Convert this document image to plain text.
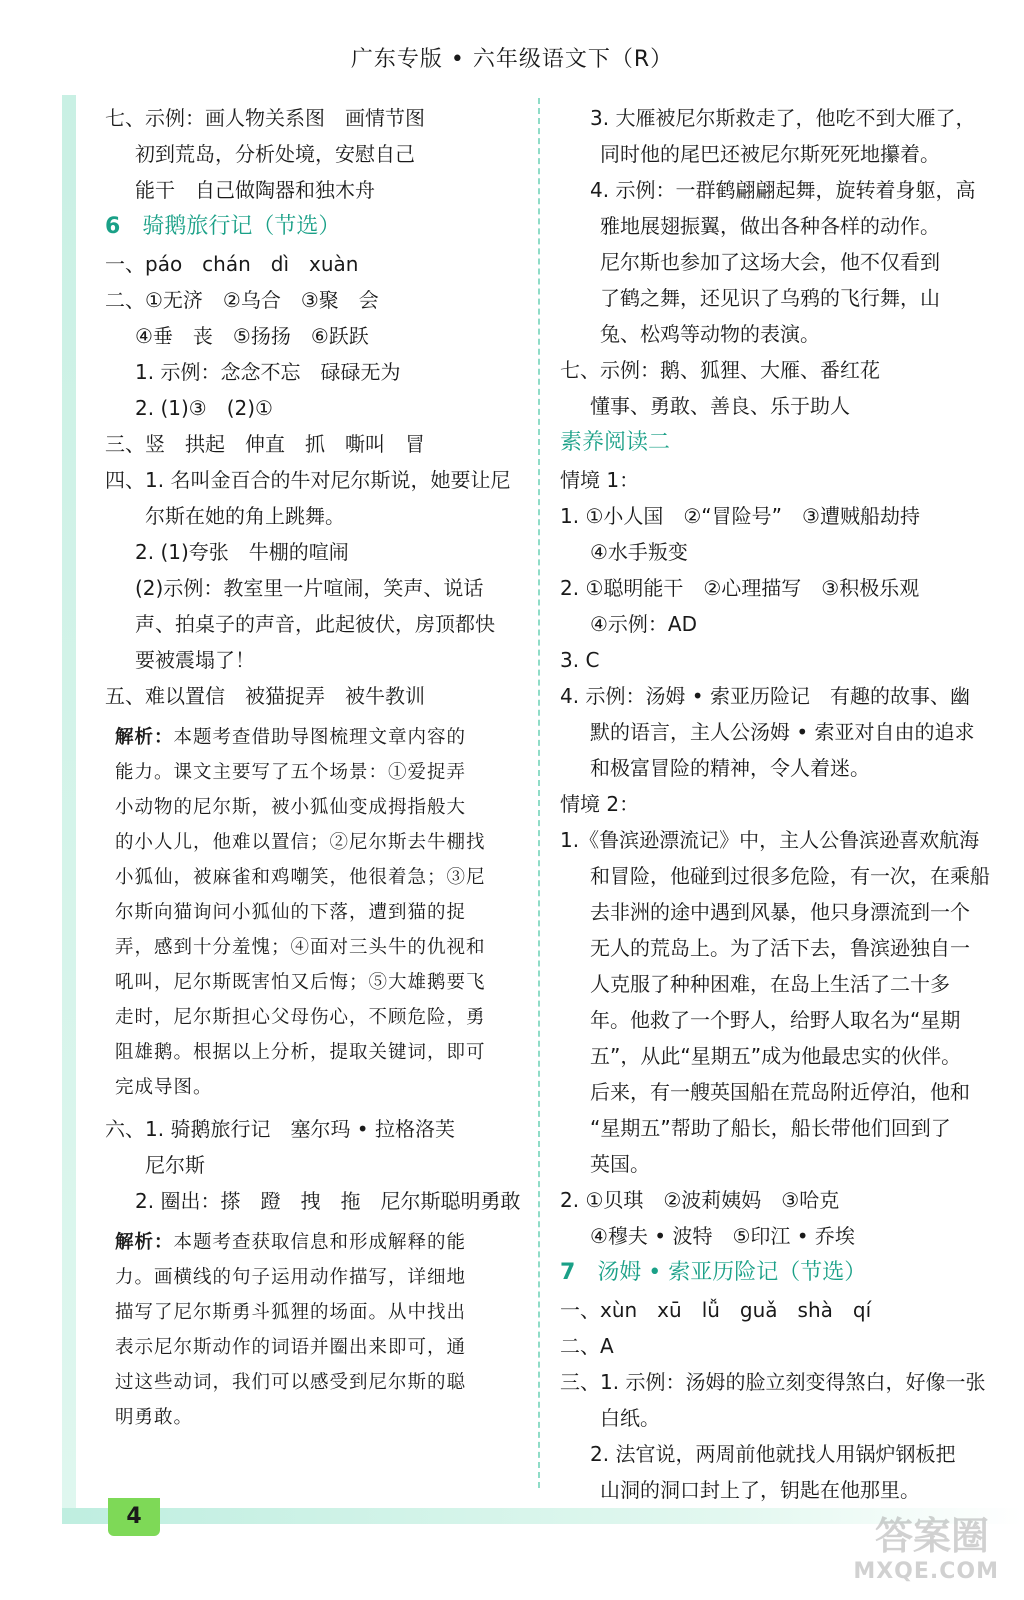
广东专版 • 六年级语文下（R）
4
七、示例：画人物关系图　画情节图
初到荒岛，分析处境，安慰自己
能干　自己做陶器和独木舟
6 骑鹅旅行记（节选）
一、páo　chán　dì　xuàn
二、①无济　②乌合　③聚　会
④垂　丧　⑤扬扬　⑥跃跃
1. 示例：念念不忘　碌碌无为
2. (1)③　(2)①
三、竖　拱起　伸直　抓　嘶叫　冒
四、1. 名叫金百合的牛对尼尔斯说，她要让尼
尔斯在她的角上跳舞。
2. (1)夸张　牛棚的喧闹
(2)示例：教室里一片喧闹，笑声、说话
声、拍桌子的声音，此起彼伏，房顶都快
要被震塌了！
五、难以置信　被猫捉弄　被牛教训
解析：本题考查借助导图梳理文章内容的
能力。课文主要写了五个场景：①爱捉弄
小动物的尼尔斯，被小狐仙变成拇指般大
的小人儿，他难以置信；②尼尔斯去牛棚找
小狐仙，被麻雀和鸡嘲笑，他很着急；③尼
尔斯向猫询问小狐仙的下落，遭到猫的捉
弄，感到十分羞愧；④面对三头牛的仇视和
吼叫，尼尔斯既害怕又后悔；⑤大雄鹅要飞
走时，尼尔斯担心父母伤心，不顾危险，勇
阻雄鹅。根据以上分析，提取关键词，即可
完成导图。
六、1. 骑鹅旅行记　塞尔玛 • 拉格洛芙
尼尔斯
2. 圈出：搽　蹬　拽　拖　尼尔斯聪明勇敢
解析：本题考查获取信息和形成解释的能
力。画横线的句子运用动作描写，详细地
描写了尼尔斯勇斗狐狸的场面。从中找出
表示尼尔斯动作的词语并圈出来即可，通
过这些动词，我们可以感受到尼尔斯的聪
明勇敢。
3. 大雁被尼尔斯救走了，他吃不到大雁了，
同时他的尾巴还被尼尔斯死死地攥着。
4. 示例：一群鹤翩翩起舞，旋转着身躯，高
雅地展翅振翼，做出各种各样的动作。
尼尔斯也参加了这场大会，他不仅看到
了鹤之舞，还见识了乌鸦的飞行舞，山
兔、松鸡等动物的表演。
七、示例：鹅、狐狸、大雁、番红花
懂事、勇敢、善良、乐于助人
素养阅读二
情境 1：
1. ①小人国　②“冒险号”　③遭贼船劫持
④水手叛变
2. ①聪明能干　②心理描写　③积极乐观
④示例：AD
3. C
4. 示例：汤姆 • 索亚历险记　有趣的故事、幽
默的语言，主人公汤姆 • 索亚对自由的追求
和极富冒险的精神，令人着迷。
情境 2：
1.《鲁滨逊漂流记》中，主人公鲁滨逊喜欢航海
和冒险，他碰到过很多危险，有一次，在乘船
去非洲的途中遇到风暴，他只身漂流到一个
无人的荒岛上。为了活下去，鲁滨逊独自一
人克服了种种困难，在岛上生活了二十多
年。他救了一个野人，给野人取名为“星期
五”，从此“星期五”成为他最忠实的伙伴。
后来，有一艘英国船在荒岛附近停泊，他和
“星期五”帮助了船长，船长带他们回到了
英国。
2. ①贝琪　②波莉姨妈　③哈克
④穆夫 • 波特　⑤印江 • 乔埃
7 汤姆 • 索亚历险记（节选）
一、xùn　xū　lǚ　guǎ　shà　qí
二、A
三、1. 示例：汤姆的脸立刻变得煞白，好像一张
白纸。
2. 法官说，两周前他就找人用锅炉钢板把
山洞的洞口封上了，钥匙在他那里。
答案圈
MXQE.COM
